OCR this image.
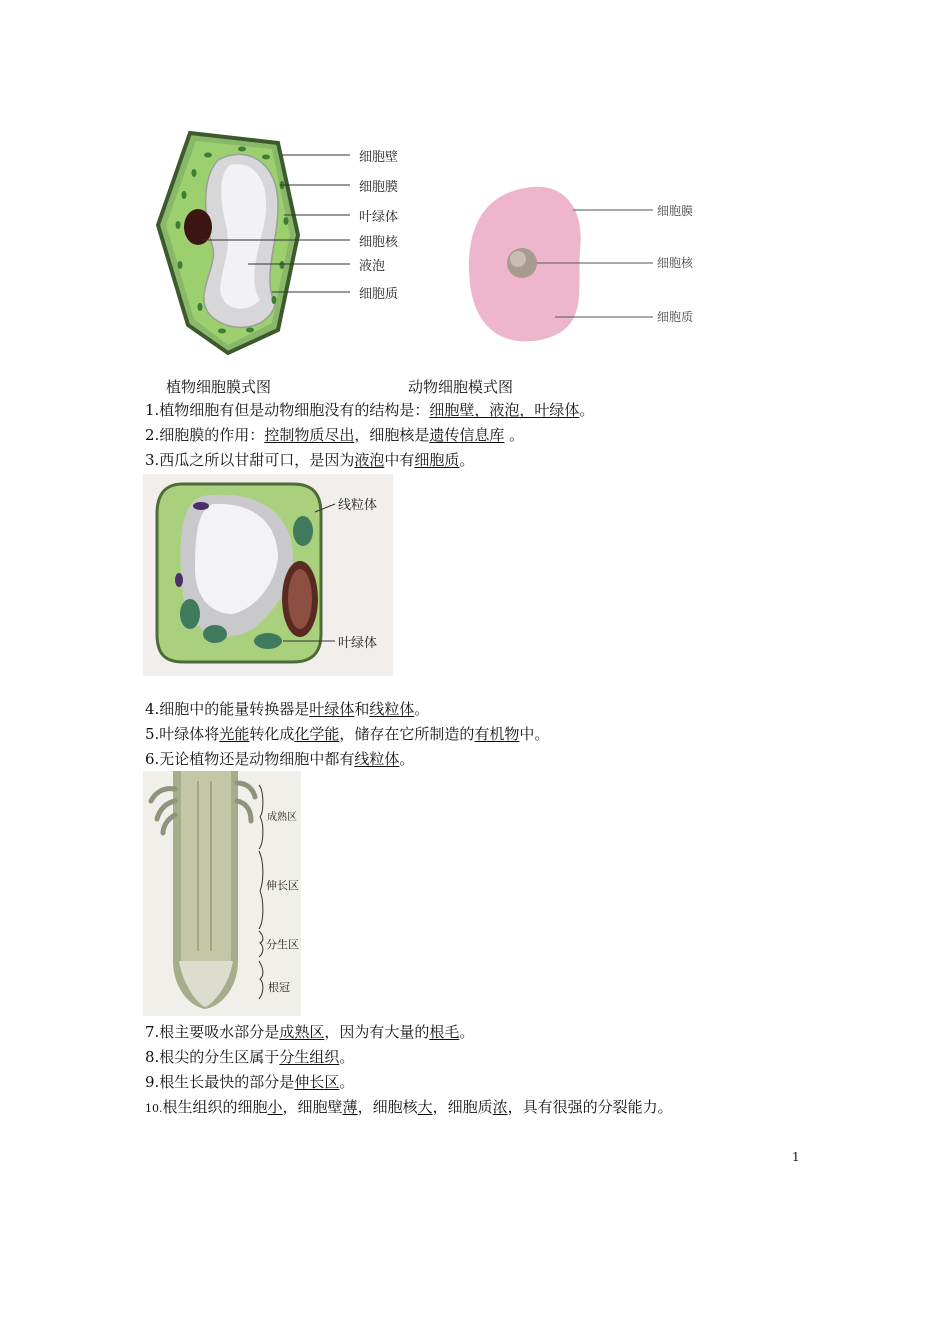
细胞壁
细胞膜
叶绿体
细胞核
液泡
细胞质
细胞膜
细胞核
细胞质
植物细胞膜式图	动物细胞模式图
1.植物细胞有但是动物细胞没有的结构是：细胞壁，液泡，叶绿体。
2.细胞膜的作用：控制物质尽出，细胞核是遗传信息库 。
3.西瓜之所以甘甜可口，是因为液泡中有细胞质。
线粒体
叶绿体
4.细胞中的能量转换器是叶绿体和线粒体。
5.叶绿体将光能转化成化学能，储存在它所制造的有机物中。
6.无论植物还是动物细胞中都有线粒体。
成熟区
伸长区
分生区
根冠
7.根主要吸水部分是成熟区，因为有大量的根毛。
8.根尖的分生区属于分生组织。
9.根生长最快的部分是伸长区。
10.根生组织的细胞小，细胞壁薄，细胞核大，细胞质浓，具有很强的分裂能力。
1
